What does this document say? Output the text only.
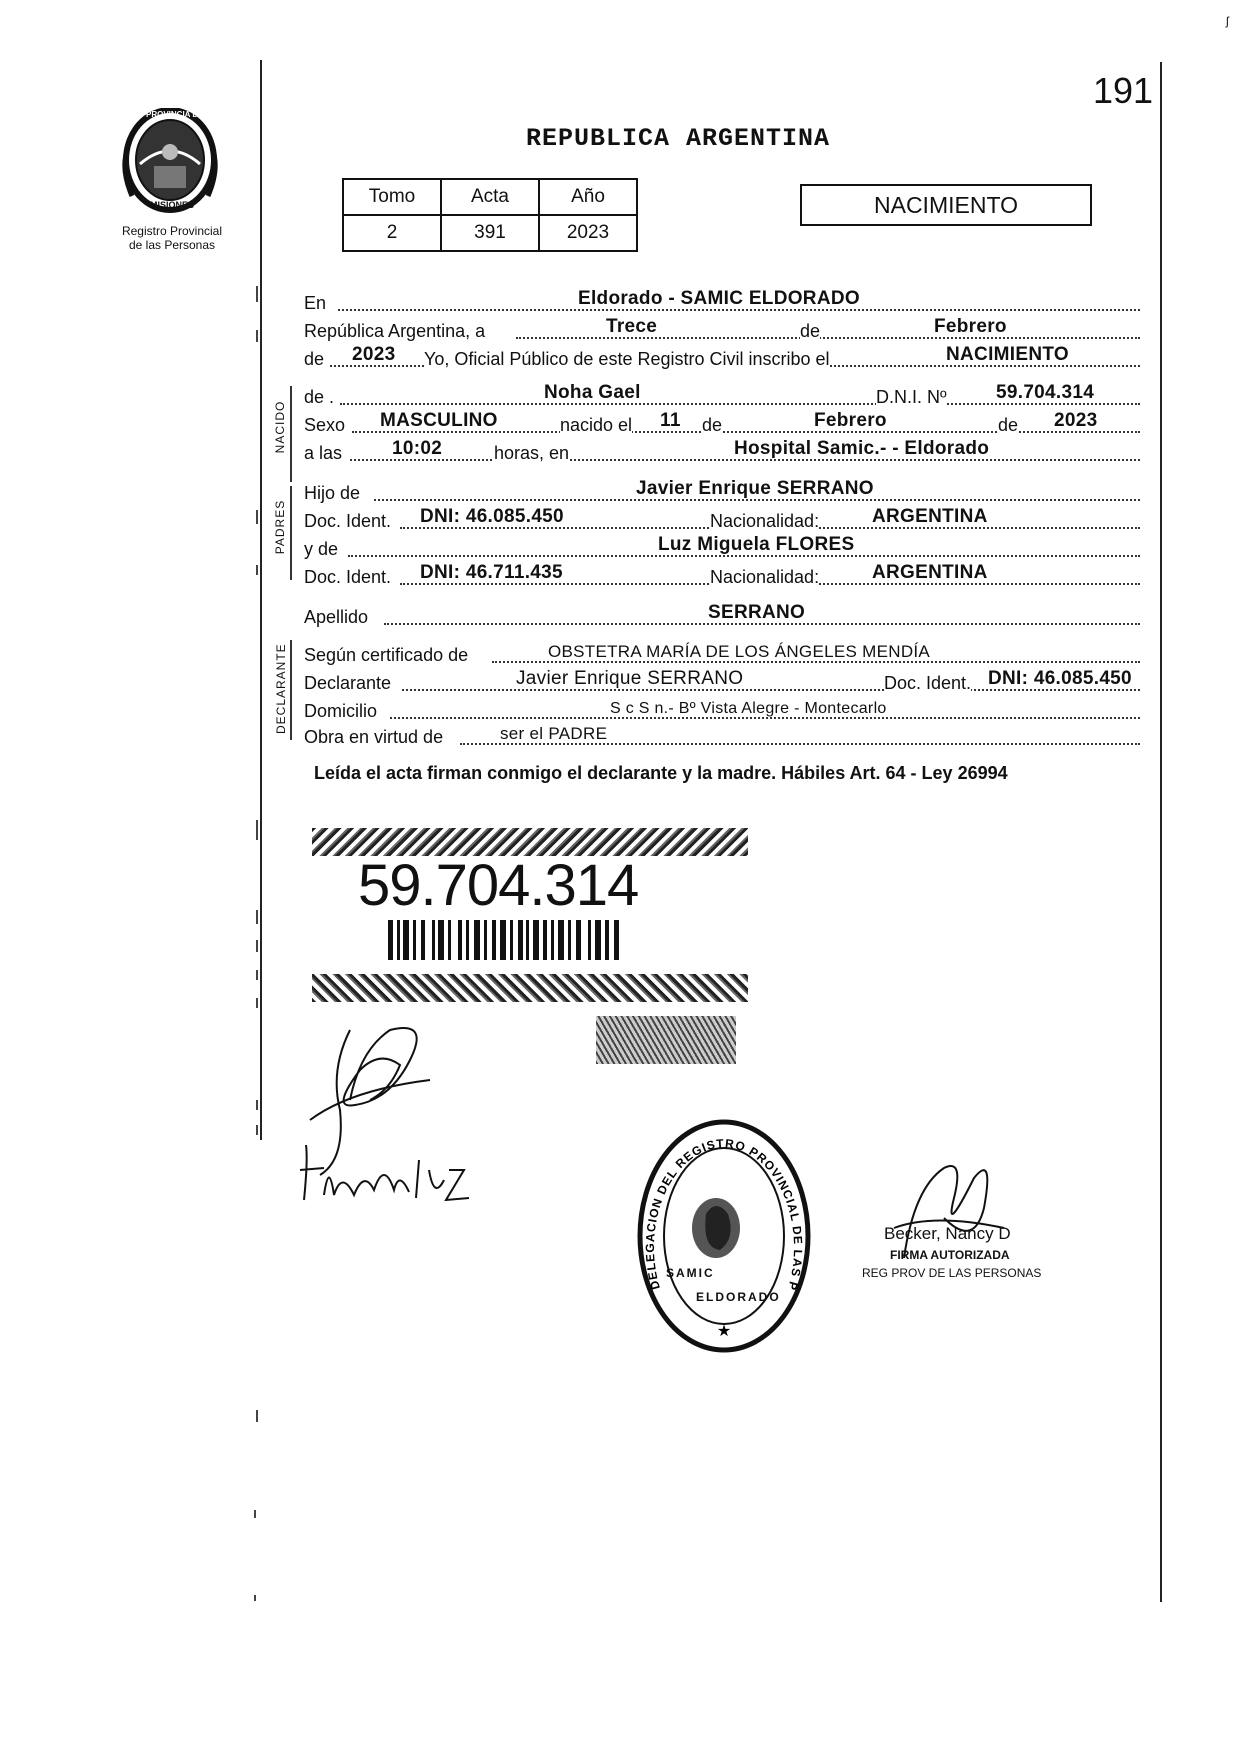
ʃ
191
PROVINCIA DE
MISIONES
Registro Provincial
de las Personas
REPUBLICA ARGENTINA
Tomo	Acta	Año
2	391	2023
NACIMIENTO
NACIDO
PADRES
DECLARANTE
En	Eldorado - SAMIC ELDORADO
República Argentina, a	Trece	de	Febrero
de 2023 Yo, Oficial Público de este Registro Civil inscribo el	NACIMIENTO
de .	Noha Gael	D.N.I. Nº	59.704.314
Sexo MASCULINO	nacido el 11 de	Febrero	de 2023
a las	10:02	horas, en	Hospital Samic.- - Eldorado
Hijo de	Javier Enrique SERRANO
Doc. Ident. DNI: 46.085.450	Nacionalidad:	ARGENTINA
y de	Luz Miguela FLORES
Doc. Ident. DNI: 46.711.435	Nacionalidad:	ARGENTINA
Apellido	SERRANO
Según certificado de	OBSTETRA MARÍA DE LOS ÁNGELES MENDÍA
Declarante	Javier Enrique SERRANO	Doc. Ident. DNI: 46.085.450
Domicilio	S c S n.- Bº Vista Alegre - Montecarlo
Obra en virtud de	ser el PADRE
Leída el acta firman conmigo el declarante y la madre. Hábiles Art. 64 - Ley 26994
59.704.314
DELEGACION DEL REGISTRO PROVINCIAL DE LAS P
★
SAMIC
ELDORADO
Becker, Nancy D
FIRMA AUTORIZADA
REG PROV DE LAS PERSONAS
